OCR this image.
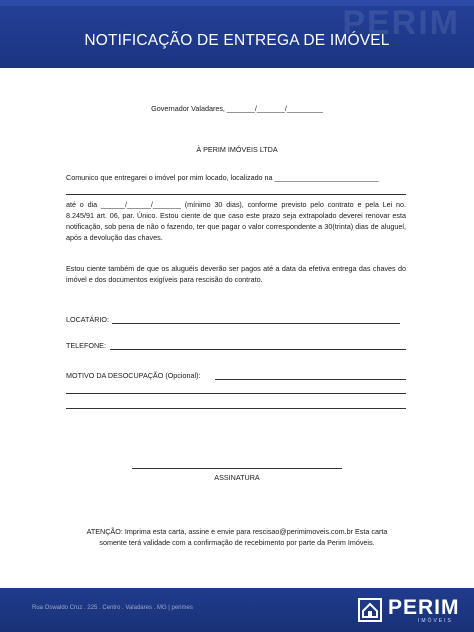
PERIM
NOTIFICAÇÃO DE ENTREGA DE IMÓVEL
Governador Valadares, _______/_______/_________
À PERIM IMÓVEIS LTDA
Comunico que entregarei o imóvel por mim locado, localizado na __________________________
até o dia ______/______/_______ (mínimo 30 dias), conforme previsto pelo contrato e pela Lei no. 8.245/91 art. 06, par. Único. Estou ciente de que caso este prazo seja extrapolado deverei renovar esta notificação, sob pena de não o fazendo, ter que pagar o valor correspondente a 30(trinta) dias de aluguel, após a devolução das chaves.
Estou ciente também de que os aluguéis deverão ser pagos até a data da efetiva entrega das chaves do imóvel e dos documentos exigíveis para rescisão do contrato.
LOCATÁRIO:
TELEFONE:
MOTIVO DA DESOCUPAÇÃO (Opcional):
ASSINATURA
ATENÇÃO: Imprima esta carta, assine e envie para rescisao@perimimoveis.com.br Esta carta somente terá validade com a confirmação de recebimento por parte da Perim Imóveis.
Rua Oswaldo Cruz . 225 . Centro . Valadares . MG | perimes	PERIM
IMÓVEIS
